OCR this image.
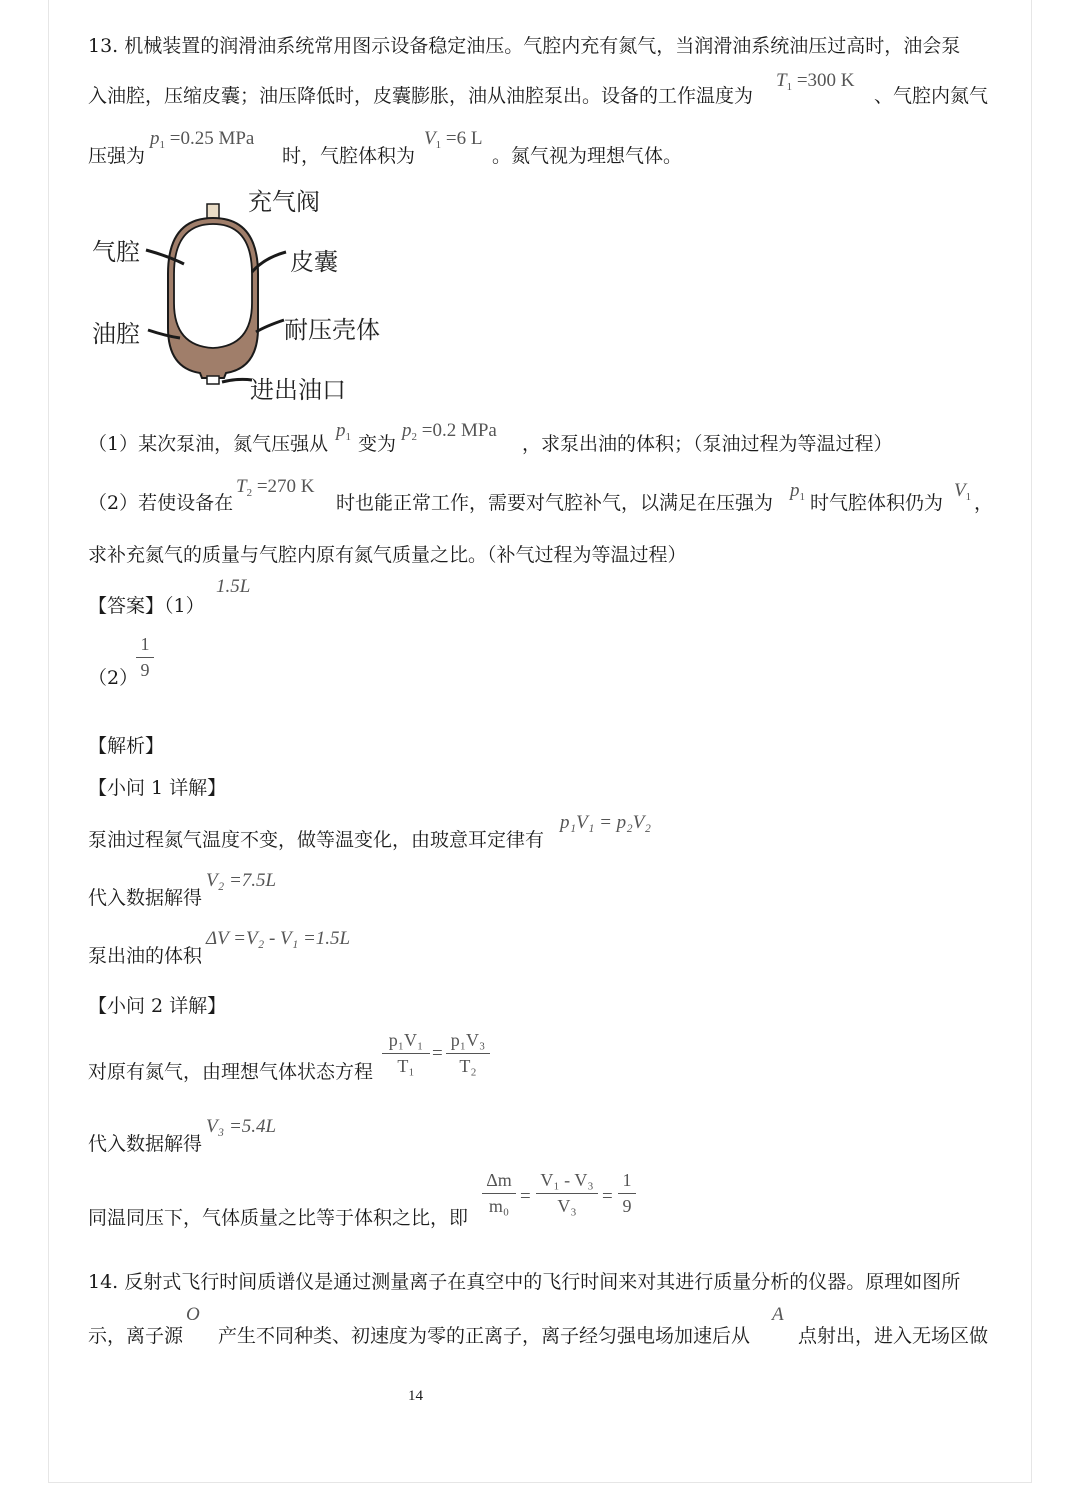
13. 机械装置的润滑油系统常用图示设备稳定油压。气腔内充有氮气，当润滑油系统油压过高时，油会泵
入油腔，压缩皮囊；油压降低时，皮囊膨胀，油从油腔泵出。设备的工作温度为
$T_1 =300$ K
、气腔内氮气
压强为
$p_1 =0.25$ MPa
时，气腔体积为
$V_1 =6$ L
。氮气视为理想气体。
充气阀
气腔	皮囊
油腔	耐压壳体
进出油口
（1）某次泵油，氮气压强从
$p_1$ 变为
$p_2 =0.2$ MPa
，求泵出油的体积；（泵油过程为等温过程）
（2）若使设备在
$T_2 =270$ K
时也能正常工作，需要对气腔补气，以满足在压强为
$p_1$ 时气腔体积仍为
$V_1$ ，
求补充氮气的质量与气腔内原有氮气质量之比。（补气过程为等温过程）
【答案】（1）
1.5L
（2）
1
9
【解析】
【小问 1 详解】
泵油过程氮气温度不变，做等温变化，由玻意耳定律有
p₁V₁ = p₂V₂
代入数据解得
V₂ =7.5L
泵出油的体积
ΔV =V₂ - V₁ =1.5L
【小问 2 详解】
对原有氮气，由理想气体状态方程
p₁V₁
T₁
=
p₁V₃
T₂
代入数据解得
V₃ =5.4L
同温同压下，气体质量之比等于体积之比，即
Δm
m₀ =
V₁ - V₃
V₃	=
1
9
14. 反射式飞行时间质谱仪是通过测量离子在真空中的飞行时间来对其进行质量分析的仪器。原理如图所
示，离子源
O
产生不同种类、初速度为零的正离子，离子经匀强电场加速后从
A
点射出，进入无场区做
14
